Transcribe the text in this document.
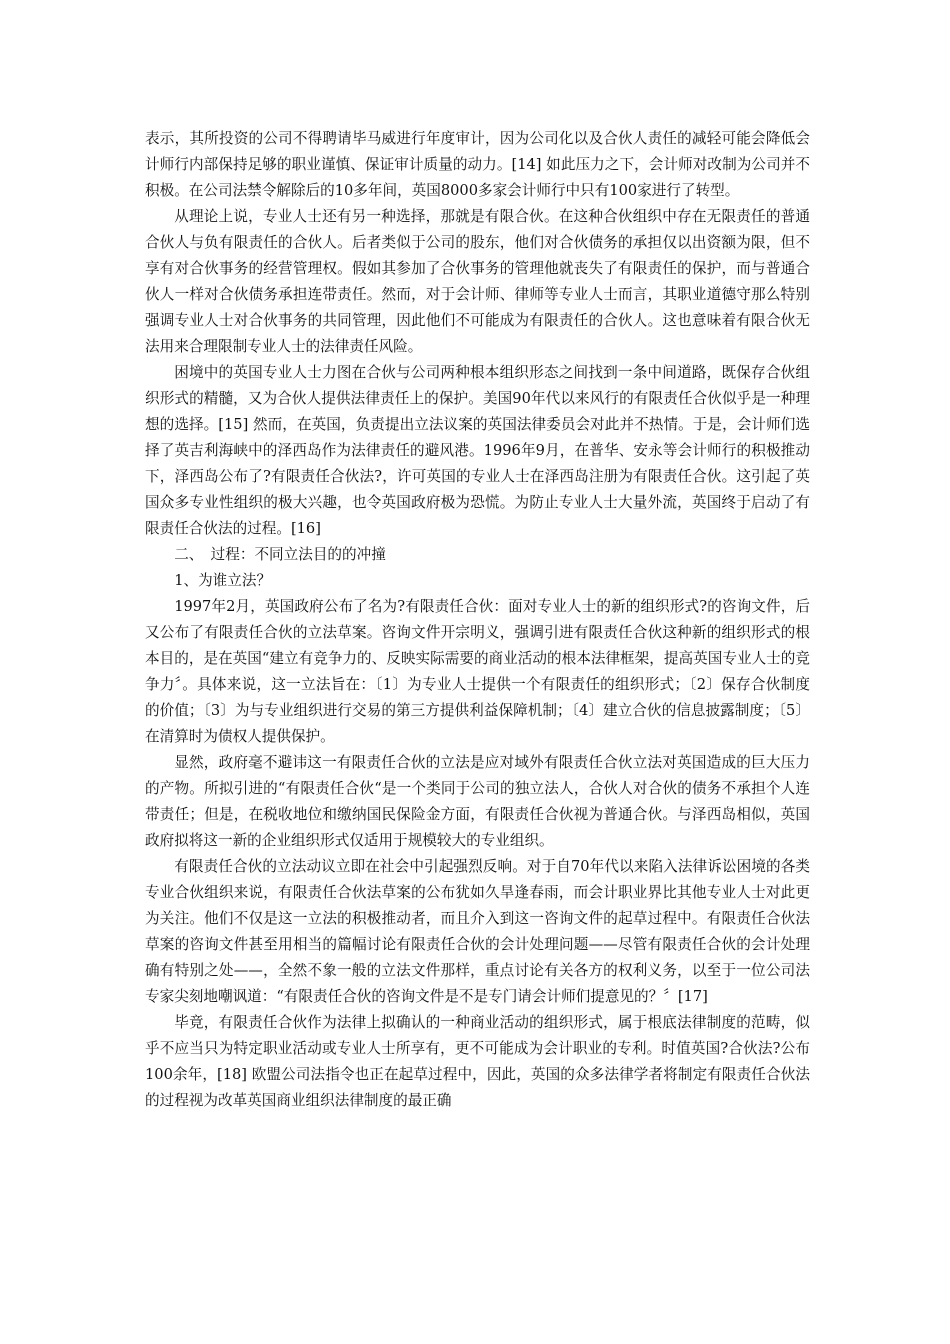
表示，其所投资的公司不得聘请毕马威进行年度审计，因为公司化以及合伙人责任的减轻可能会降低会计师行内部保持足够的职业谨慎、保证审计质量的动力。[14] 如此压力之下，会计师对改制为公司并不积极。在公司法禁令解除后的10多年间，英国8000多家会计师行中只有100家进行了转型。

从理论上说，专业人士还有另一种选择，那就是有限合伙。在这种合伙组织中存在无限责任的普通合伙人与负有限责任的合伙人。后者类似于公司的股东，他们对合伙债务的承担仅以出资额为限，但不享有对合伙事务的经营管理权。假如其参加了合伙事务的管理他就丧失了有限责任的保护，而与普通合伙人一样对合伙债务承担连带责任。然而，对于会计师、律师等专业人士而言，其职业道德守那么特别强调专业人士对合伙事务的共同管理，因此他们不可能成为有限责任的合伙人。这也意味着有限合伙无法用来合理限制专业人士的法律责任风险。

困境中的英国专业人士力图在合伙与公司两种根本组织形态之间找到一条中间道路，既保存合伙组织形式的精髓，又为合伙人提供法律责任上的保护。美国90年代以来风行的有限责任合伙似乎是一种理想的选择。[15] 然而，在英国，负责提出立法议案的英国法律委员会对此并不热情。于是，会计师们选择了英吉利海峡中的泽西岛作为法律责任的避风港。1996年9月，在普华、安永等会计师行的积极推动下，泽西岛公布了?有限责任合伙法?，许可英国的专业人士在泽西岛注册为有限责任合伙。这引起了英国众多专业性组织的极大兴趣，也令英国政府极为恐慌。为防止专业人士大量外流，英国终于启动了有限责任合伙法的过程。[16]

二、　过程：不同立法目的的冲撞

1、为谁立法？

1997年2月，英国政府公布了名为?有限责任合伙：面对专业人士的新的组织形式?的咨询文件，后又公布了有限责任合伙的立法草案。咨询文件开宗明义，强调引进有限责任合伙这种新的组织形式的根本目的，是在英国“建立有竞争力的、反映实际需要的商业活动的根本法律框架，提高英国专业人士的竞争力〞。具体来说，这一立法旨在：〔1〕为专业人士提供一个有限责任的组织形式；〔2〕保存合伙制度的价值；〔3〕为与专业组织进行交易的第三方提供利益保障机制；〔4〕建立合伙的信息披露制度；〔5〕在清算时为债权人提供保护。

显然，政府毫不避讳这一有限责任合伙的立法是应对域外有限责任合伙立法对英国造成的巨大压力的产物。所拟引进的“有限责任合伙“是一个类同于公司的独立法人，合伙人对合伙的债务不承担个人连带责任；但是，在税收地位和缴纳国民保险金方面，有限责任合伙视为普通合伙。与泽西岛相似，英国政府拟将这一新的企业组织形式仅适用于规模较大的专业组织。

有限责任合伙的立法动议立即在社会中引起强烈反响。对于自70年代以来陷入法律诉讼困境的各类专业合伙组织来说，有限责任合伙法草案的公布犹如久旱逢春雨，而会计职业界比其他专业人士对此更为关注。他们不仅是这一立法的积极推动者，而且介入到这一咨询文件的起草过程中。有限责任合伙法草案的咨询文件甚至用相当的篇幅讨论有限责任合伙的会计处理问题——尽管有限责任合伙的会计处理确有特别之处——，全然不象一般的立法文件那样，重点讨论有关各方的权利义务，以至于一位公司法专家尖刻地嘲讽道：“有限责任合伙的咨询文件是不是专门请会计师们提意见的？〞[17]

毕竟，有限责任合伙作为法律上拟确认的一种商业活动的组织形式，属于根底法律制度的范畴，似乎不应当只为特定职业活动或专业人士所享有，更不可能成为会计职业的专利。时值英国?合伙法?公布100余年，[18] 欧盟公司法指令也正在起草过程中，因此，英国的众多法律学者将制定有限责任合伙法的过程视为改革英国商业组织法律制度的最正确
